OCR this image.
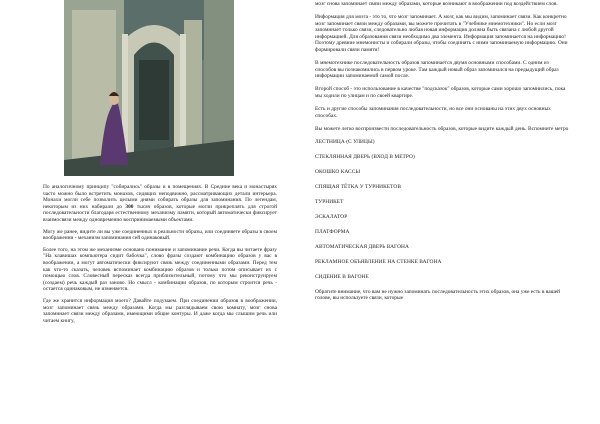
По аналогичному принципу "собирались" образы и в помещениях. В Средние века и монастырях часто можно было встретить монахов, сидящих неподвижно, рассматривающих детали интерьера. Монахи могли себе позволить целыми днями собирать образы для запоминания. По легендам, некоторым из них набирали до 300 тысяч образов, которые могли прикреплять для строгой последовательности благодаря естественному механизму памяти, который автоматически фиксирует взаимосвязи между одновременно воспринимаемыми объектами.

Могу же ранее, видите ли вы уже соединенных в реальности образы, или соединяете образы в своем воображении - механизм запоминания сей одинаковый.

Более того, на этом же механизме основано понимание и запоминание речи. Когда вы читаете фразу "На клавишах компьютера сидит бабочка", слово фразы создают комбинацию образов у вас в воображении, а могут автоматически фиксируют связь между соединенными образами. Перед тем как что-то сказать, человек вспоминает комбинацию образов и только потом описывает их с помощью слов. Словесный пересказ всегда приблизительный, потому что мы реконструируем (создаем) речь каждый раз заново. Но смысл - комбинации образов, по которым строится речь - остается одинаковым, не изменяется.

Где же хранится информация моего? Давайте подумаем. При соединении образов в воображении, мозг запоминает связь между образами. Когда мы разглядываем свою комнату, мозг снова запоминает связи между образами, имеющими общие контуры. И даже когда мы слышим речь или читаем книгу,

мозг снова запоминает связи между образами, которые возникают в воображении под воздействием слов.

Информация для мозга - это то, что мозг запоминает. А мозг, как мы видим, запоминает связи. Как конкретно мозг запоминает связи между образами, вы можете прочитать в "Учебнике мнемотехники". Но если мозг запоминает только связи, следовательно любая новая информация должна быть связана с любой другой информацией. Для образования связи необходимо два элемента. Информация запоминается на информацию! Поэтому древние мнемонисты и собирали образы, чтобы соединять с ними запоминаемую информацию. Они формировали связи памяти!

В мнемотехнике последовательность образов запоминается двумя основными способами. С одним из способов вы познакомились в первом уроке. Там каждый новый образ запоминался на предыдущий образ информации запоминаемой самой после.

Второй способ - это использование в качестве "подсказок" образов, которые сами хорошо запомнились, пока мы ходили по улицам и по своей квартире.

Есть и другие способы запоминания последовательности, но все они основаны на этих двух основных способах.

Вы можете легко воспроизвести последовательность образов, которые видите каждый день. Вспомните метро

ЛЕСТНИЦА (С УЛИЦЫ)
СТЕКЛЯННАЯ ДВЕРЬ (ВХОД В МЕТРО)
ОКОШКО КАССЫ
СПЯЩАЯ ТЁТКА У ТУРНИКЕТОВ
ТУРНИКЕТ
ЭСКАЛАТОР
ПЛАТФОРМА
АВТОМАТИЧЕСКАЯ ДВЕРЬ ВАГОНА
РЕКЛАМНОЕ ОБЪЯВЛЕНИЕ НА СТЕНКЕ ВАГОНА
СИДЕНИЕ В ВАГОНЕ

Обратите внимание, что вам не нужно запоминать последовательность этих образов, она уже есть в вашей голове, вы используете связи, которые
